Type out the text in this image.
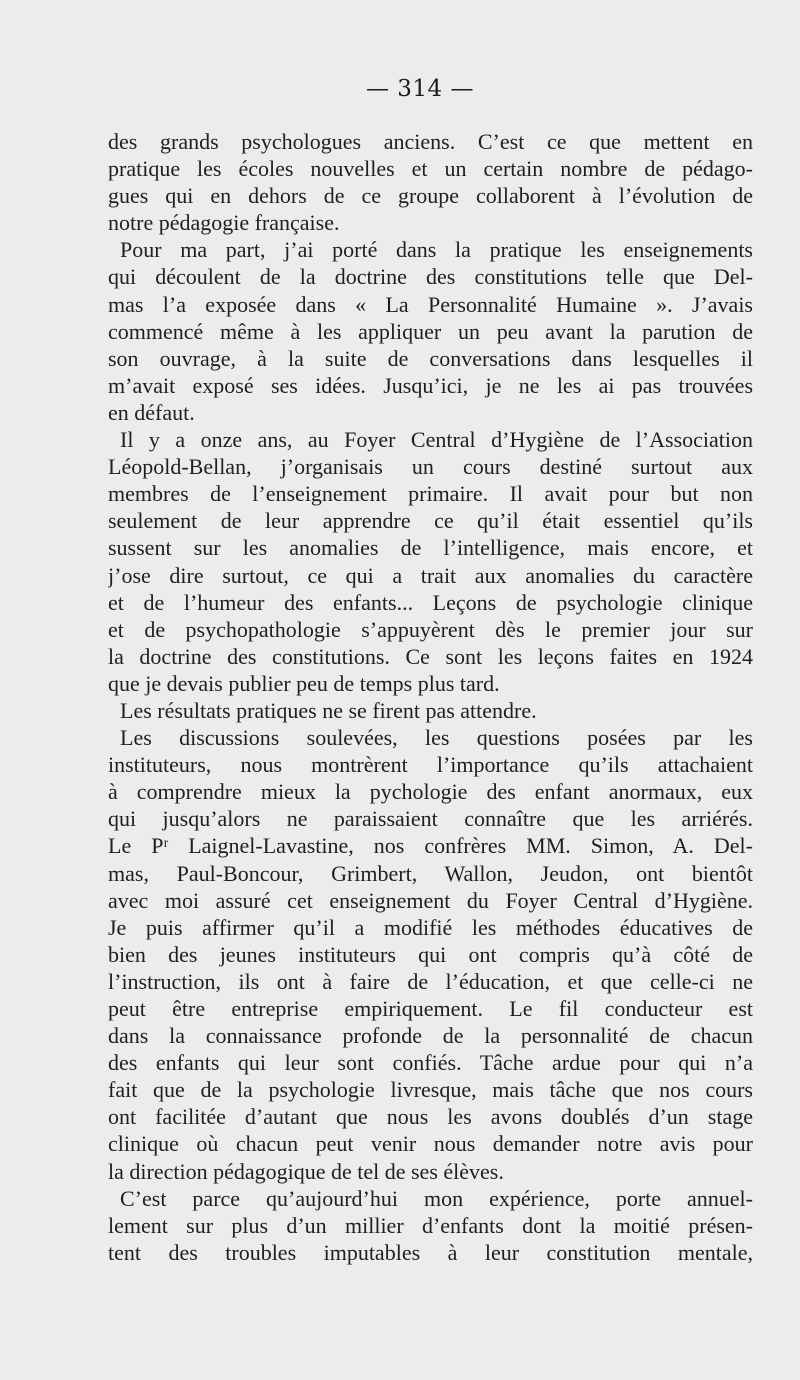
— 314 —
des grands psychologues anciens. C’est ce que mettent en
pratique les écoles nouvelles et un certain nombre de pédago-
gues qui en dehors de ce groupe collaborent à l’évolution de
notre pédagogie française.
Pour ma part, j’ai porté dans la pratique les enseignements
qui découlent de la doctrine des constitutions telle que Del-
mas l’a exposée dans « La Personnalité Humaine ». J’avais
commencé même à les appliquer un peu avant la parution de
son ouvrage, à la suite de conversations dans lesquelles il
m’avait exposé ses idées. Jusqu’ici, je ne les ai pas trouvées
en défaut.
Il y a onze ans, au Foyer Central d’Hygiène de l’Association
Léopold-Bellan, j’organisais un cours destiné surtout aux
membres de l’enseignement primaire. Il avait pour but non
seulement de leur apprendre ce qu’il était essentiel qu’ils
sussent sur les anomalies de l’intelligence, mais encore, et
j’ose dire surtout, ce qui a trait aux anomalies du caractère
et de l’humeur des enfants... Leçons de psychologie clinique
et de psychopathologie s’appuyèrent dès le premier jour sur
la doctrine des constitutions. Ce sont les leçons faites en 1924
que je devais publier peu de temps plus tard.
Les résultats pratiques ne se firent pas attendre.
Les discussions soulevées, les questions posées par les
instituteurs, nous montrèrent l’importance qu’ils attachaient
à comprendre mieux la pychologie des enfant anormaux, eux
qui jusqu’alors ne paraissaient connaître que les arriérés.
Le Pʳ Laignel-Lavastine, nos confrères MM. Simon, A. Del-
mas, Paul-Boncour, Grimbert, Wallon, Jeudon, ont bientôt
avec moi assuré cet enseignement du Foyer Central d’Hygiène.
Je puis affirmer qu’il a modifié les méthodes éducatives de
bien des jeunes instituteurs qui ont compris qu’à côté de
l’instruction, ils ont à faire de l’éducation, et que celle-ci ne
peut être entreprise empiriquement. Le fil conducteur est
dans la connaissance profonde de la personnalité de chacun
des enfants qui leur sont confiés. Tâche ardue pour qui n’a
fait que de la psychologie livresque, mais tâche que nos cours
ont facilitée d’autant que nous les avons doublés d’un stage
clinique où chacun peut venir nous demander notre avis pour
la direction pédagogique de tel de ses élèves.
C’est parce qu’aujourd’hui mon expérience, porte annuel-
lement sur plus d’un millier d’enfants dont la moitié présen-
tent des troubles imputables à leur constitution mentale,
